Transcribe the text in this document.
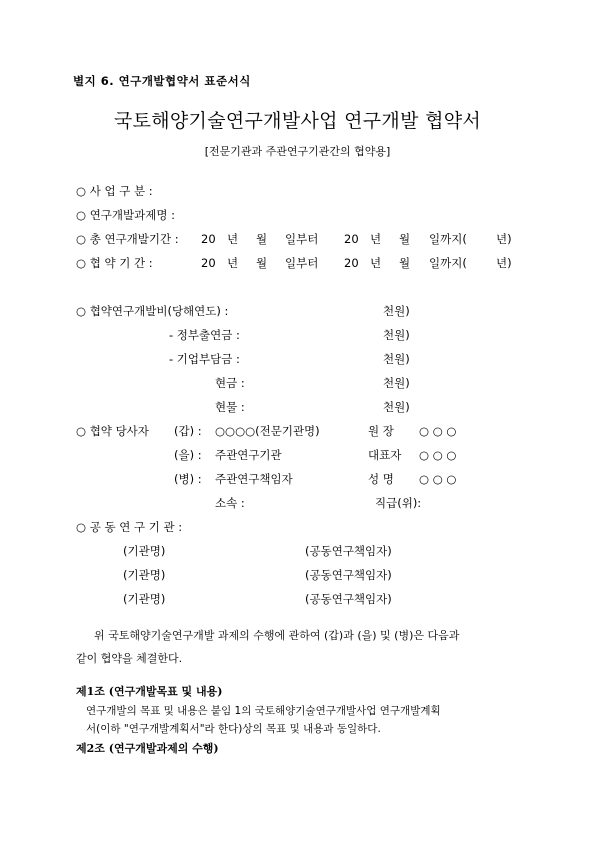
별지 6. 연구개발협약서 표준서식
국토해양기술연구개발사업 연구개발 협약서
[전문기관과 주관연구기관간의 협약용]
○ 사 업 구 분 :
○ 연구개발과제명 :
○ 총 연구개발기간 : 20 년 월 일부터 20 년 월 일까지(	년)
○ 협 약 기 간 :	20 년 월 일부터 20 년 월 일까지(	년)
○ 협약연구개발비(당해연도) :	천원)
- 정부출연금 :	천원)
- 기업부담금 :	천원)
현금 :	천원)
현물 :	천원)
○ 협약 당사자 (갑) : ○○○○(전문기관명)	원 장 ○ ○ ○
(을) : 주관연구기관	대표자 ○ ○ ○
(병) : 주관연구책임자	성 명 ○ ○ ○
소속 :	직급(위):
○ 공 동 연 구 기 관 :
(기관명)	(공동연구책임자)
(기관명)	(공동연구책임자)
(기관명)	(공동연구책임자)
위 국토해양기술연구개발 과제의 수행에 관하여 (갑)과 (을) 및 (병)은 다음과
같이 협약을 체결한다.
제1조 (연구개발목표 및 내용)
연구개발의 목표 및 내용은 붙임 1의 국토해양기술연구개발사업 연구개발계획
서(이하 "연구개발계획서"라 한다)상의 목표 및 내용과 동일하다.
제2조 (연구개발과제의 수행)
